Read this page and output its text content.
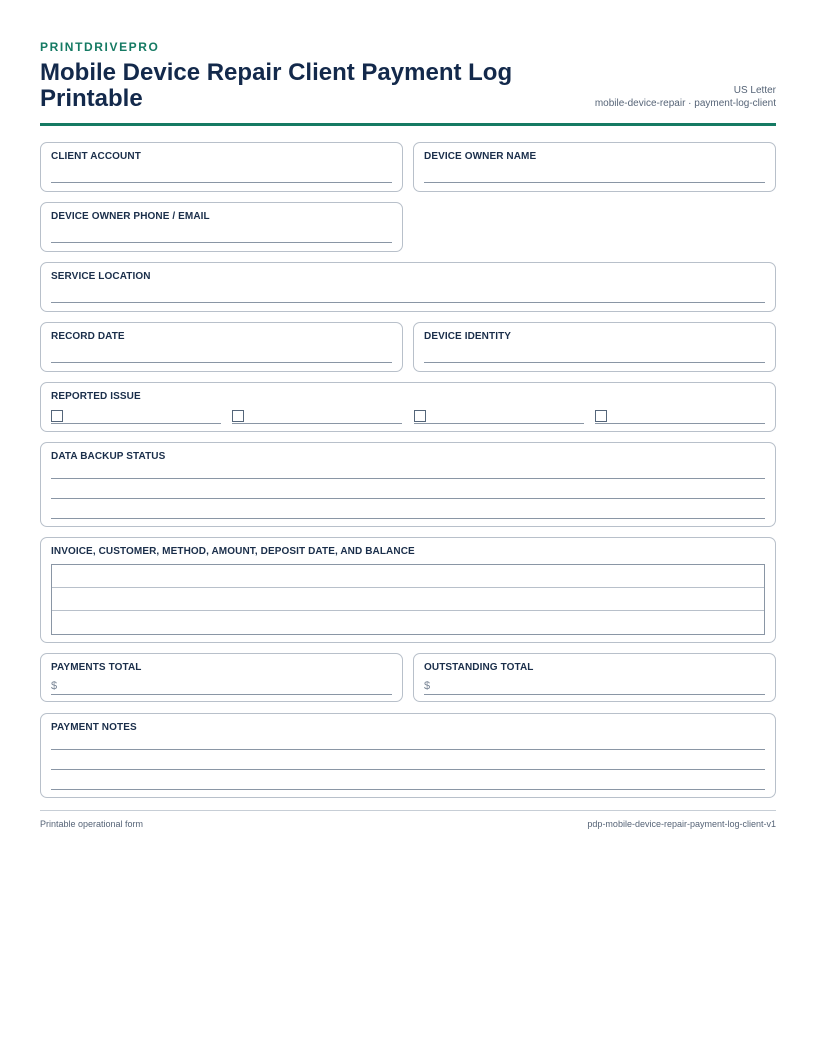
PRINTDRIVEPRO
Mobile Device Repair Client Payment Log Printable	US Letter
mobile-device-repair · payment-log-client
CLIENT ACCOUNT	DEVICE OWNER NAME
DEVICE OWNER PHONE / EMAIL
SERVICE LOCATION
RECORD DATE	DEVICE IDENTITY
REPORTED ISSUE
DATA BACKUP STATUS
INVOICE, CUSTOMER, METHOD, AMOUNT, DEPOSIT DATE, AND BALANCE
PAYMENTS TOTAL
$
OUTSTANDING TOTAL
$
PAYMENT NOTES
Printable operational form	pdp-mobile-device-repair-payment-log-client-v1
